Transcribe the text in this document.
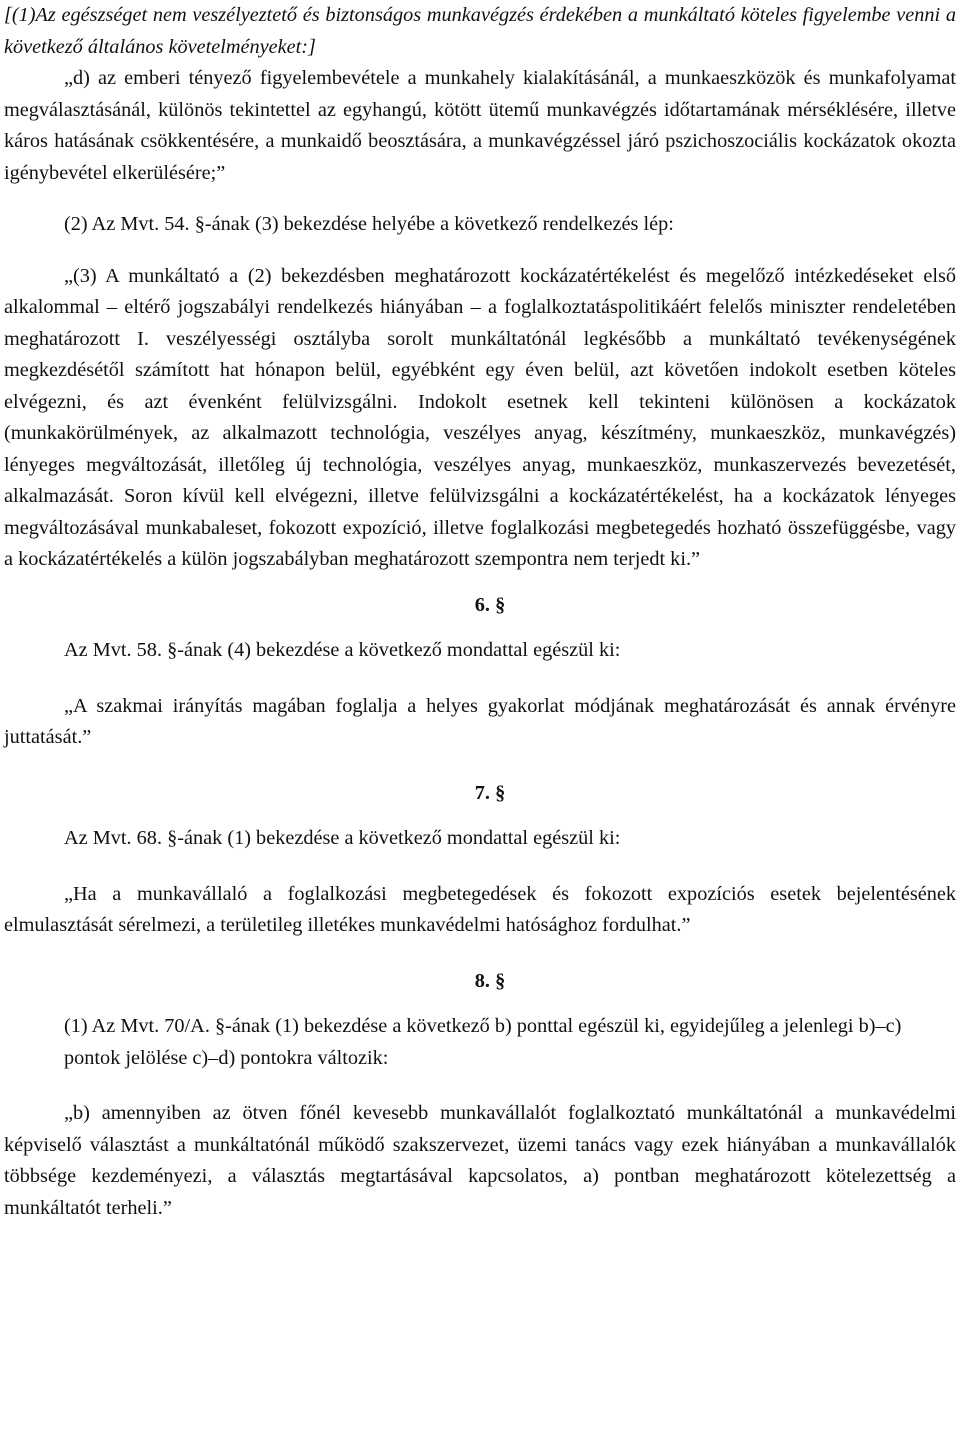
[(1)Az egészséget nem veszélyeztető és biztonságos munkavégzés érdekében a munkáltató köteles figyelembe venni a következő általános követelményeket:]

„d) az emberi tényező figyelembevétele a munkahely kialakításánál, a munkaeszközök és munkafolyamat megválasztásánál, különös tekintettel az egyhangú, kötött ütemű munkavégzés időtartamának mérséklésére, illetve káros hatásának csökkentésére, a munkaidő beosztására, a munkavégzéssel járó pszichoszociális kockázatok okozta igénybevétel elkerülésére;”

(2) Az Mvt. 54. §-ának (3) bekezdése helyébe a következő rendelkezés lép:

„(3) A munkáltató a (2) bekezdésben meghatározott kockázatértékelést és megelőző intézkedéseket első alkalommal – eltérő jogszabályi rendelkezés hiányában – a foglalkoztatáspolitikáért felelős miniszter rendeletében meghatározott I. veszélyességi osztályba sorolt munkáltatónál legkésőbb a munkáltató tevékenységének megkezdésétől számított hat hónapon belül, egyébként egy éven belül, azt követően indokolt esetben köteles elvégezni, és azt évenként felülvizsgálni. Indokolt esetnek kell tekinteni különösen a kockázatok (munkakörülmények, az alkalmazott technológia, veszélyes anyag, készítmény, munkaeszköz, munkavégzés) lényeges megváltozását, illetőleg új technológia, veszélyes anyag, munkaeszköz, munkaszervezés bevezetését, alkalmazását. Soron kívül kell elvégezni, illetve felülvizsgálni a kockázatértékelést, ha a kockázatok lényeges megváltozásával munkabaleset, fokozott expozíció, illetve foglalkozási megbetegedés hozható összefüggésbe, vagy a kockázatértékelés a külön jogszabályban meghatározott szempontra nem terjedt ki.”

6. §

Az Mvt. 58. §-ának (4) bekezdése a következő mondattal egészül ki:

„A szakmai irányítás magában foglalja a helyes gyakorlat módjának meghatározását és annak érvényre juttatását.”

7. §

Az Mvt. 68. §-ának (1) bekezdése a következő mondattal egészül ki:

„Ha a munkavállaló a foglalkozási megbetegedések és fokozott expozíciós esetek bejelentésének elmulasztását sérelmezi, a területileg illetékes munkavédelmi hatósághoz fordulhat.”

8. §

(1) Az Mvt. 70/A. §-ának (1) bekezdése a következő b) ponttal egészül ki, egyidejűleg a jelenlegi b)–c) pontok jelölése c)–d) pontokra változik:

„b) amennyiben az ötven főnél kevesebb munkavállalót foglalkoztató munkáltatónál a munkavédelmi képviselő választást a munkáltatónál működő szakszervezet, üzemi tanács vagy ezek hiányában a munkavállalók többsége kezdeményezi, a választás megtartásával kapcsolatos, a) pontban meghatározott kötelezettség a munkáltatót terheli.”
